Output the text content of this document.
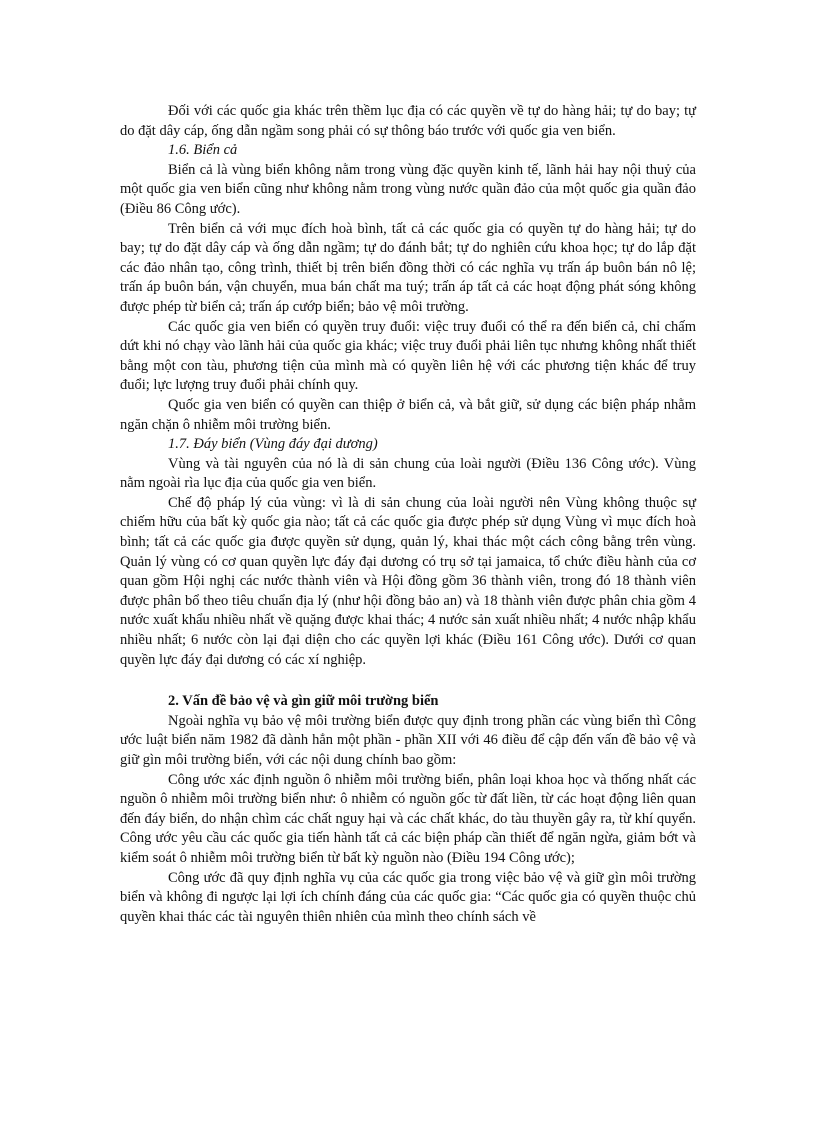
Đối với các quốc gia khác trên thềm lục địa có các quyền về tự do hàng hải; tự do bay; tự do đặt dây cáp, ống dẫn ngầm song phải có sự thông báo trước với quốc gia ven biển.

1.6. Biển cả

Biển cả là vùng biển không nằm trong vùng đặc quyền kinh tế, lãnh hải hay nội thuỷ của một quốc gia ven biển cũng như không nằm trong vùng nước quần đảo của một quốc gia quần đảo (Điều 86 Công ước).

Trên biển cả với mục đích hoà bình, tất cả các quốc gia có quyền tự do hàng hải; tự do bay; tự do đặt dây cáp và ống dẫn ngầm; tự do đánh bắt; tự do nghiên cứu khoa học; tự do lắp đặt các đảo nhân tạo, công trình, thiết bị trên biển đồng thời có các nghĩa vụ trấn áp buôn bán nô lệ; trấn áp buôn bán, vận chuyển, mua bán chất ma tuý; trấn áp tất cả các hoạt động phát sóng không được phép từ biển cả; trấn áp cướp biển; bảo vệ môi trường.

Các quốc gia ven biển có quyền truy đuổi: việc truy đuổi có thể ra đến biển cả, chỉ chấm dứt khi nó chạy vào lãnh hải của quốc gia khác; việc truy đuổi phải liên tục nhưng không nhất thiết bằng một con tàu, phương tiện của mình mà có quyền liên hệ với các phương tiện khác để truy đuổi; lực lượng truy đuổi phải chính quy.

Quốc gia ven biển có quyền can thiệp ở biển cả, và bắt giữ, sử dụng các biện pháp nhằm ngăn chặn ô nhiễm môi trường biển.

1.7. Đáy biển (Vùng đáy đại dương)

Vùng và tài nguyên của nó là di sản chung của loài người (Điều 136 Công ước). Vùng nằm ngoài rìa lục địa của quốc gia ven biển.

Chế độ pháp lý của vùng: vì là di sản chung của loài người nên Vùng không thuộc sự chiếm hữu của bất kỳ quốc gia nào; tất cả các quốc gia được phép sử dụng Vùng vì mục đích hoà bình; tất cả các quốc gia được quyền sử dụng, quản lý, khai thác một cách công bằng trên vùng. Quản lý vùng có cơ quan quyền lực đáy đại dương có trụ sở tại jamaica, tổ chức điều hành của cơ quan gồm Hội nghị các nước thành viên và Hội đồng gồm 36 thành viên, trong đó 18 thành viên được phân bổ theo tiêu chuẩn địa lý (như hội đồng bảo an) và 18 thành viên được phân chia gồm 4 nước xuất khẩu nhiều nhất về quặng được khai thác; 4 nước sản xuất nhiều nhất; 4 nước nhập khẩu nhiều nhất; 6 nước còn lại đại diện cho các quyền lợi khác (Điều 161 Công ước). Dưới cơ quan quyền lực đáy đại dương có các xí nghiệp.

2. Vấn đề bảo vệ và gìn giữ môi trường biển

Ngoài nghĩa vụ bảo vệ môi trường biển được quy định trong phần các vùng biển thì Công ước luật biển năm 1982 đã dành hẳn một phần - phần XII với 46 điều để cập đến vấn đề bảo vệ và giữ gìn môi trường biển, với các nội dung chính bao gồm:

Công ước xác định nguồn ô nhiễm môi trường biển, phân loại khoa học và thống nhất các nguồn ô nhiễm môi trường biển như: ô nhiễm có nguồn gốc từ đất liền, từ các hoạt động liên quan đến đáy biển, do nhận chìm các chất nguy hại và các chất khác, do tàu thuyền gây ra, từ khí quyển. Công ước yêu cầu các quốc gia tiến hành tất cả các biện pháp cần thiết để ngăn ngừa, giảm bớt và kiểm soát ô nhiễm môi trường biển từ bất kỳ nguồn nào (Điều 194 Công ước);

Công ước đã quy định nghĩa vụ của các quốc gia trong việc bảo vệ và giữ gìn môi trường biển và không đi ngược lại lợi ích chính đáng của các quốc gia: “Các quốc gia có quyền thuộc chủ quyền khai thác các tài nguyên thiên nhiên của mình theo chính sách về
